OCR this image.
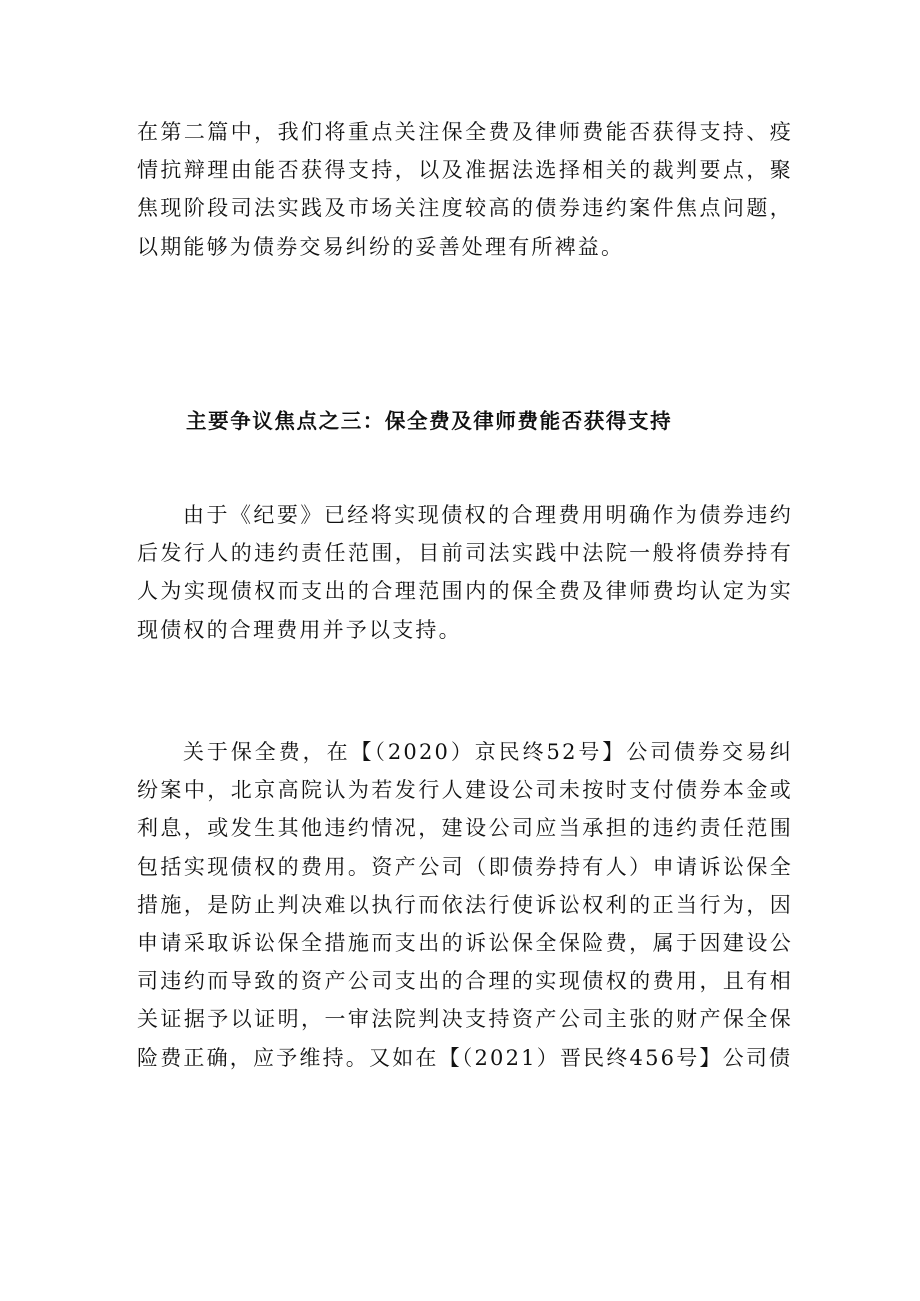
在第二篇中，我们将重点关注保全费及律师费能否获得支持、疫情抗辩理由能否获得支持，以及准据法选择相关的裁判要点，聚焦现阶段司法实践及市场关注度较高的债券违约案件焦点问题，以期能够为债券交易纠纷的妥善处理有所裨益。

主要争议焦点之三：保全费及律师费能否获得支持

由于《纪要》已经将实现债权的合理费用明确作为债券违约后发行人的违约责任范围，目前司法实践中法院一般将债券持有人为实现债权而支出的合理范围内的保全费及律师费均认定为实现债权的合理费用并予以支持。

关于保全费，在【（2020）京民终52号】公司债券交易纠纷案中，北京高院认为若发行人建设公司未按时支付债券本金或利息，或发生其他违约情况，建设公司应当承担的违约责任范围包括实现债权的费用。资产公司（即债券持有人）申请诉讼保全措施，是防止判决难以执行而依法行使诉讼权利的正当行为，因申请采取诉讼保全措施而支出的诉讼保全保险费，属于因建设公司违约而导致的资产公司支出的合理的实现债权的费用，且有相关证据予以证明，一审法院判决支持资产公司主张的财产保全保险费正确，应予维持。又如在【（2021）晋民终456号】公司债
